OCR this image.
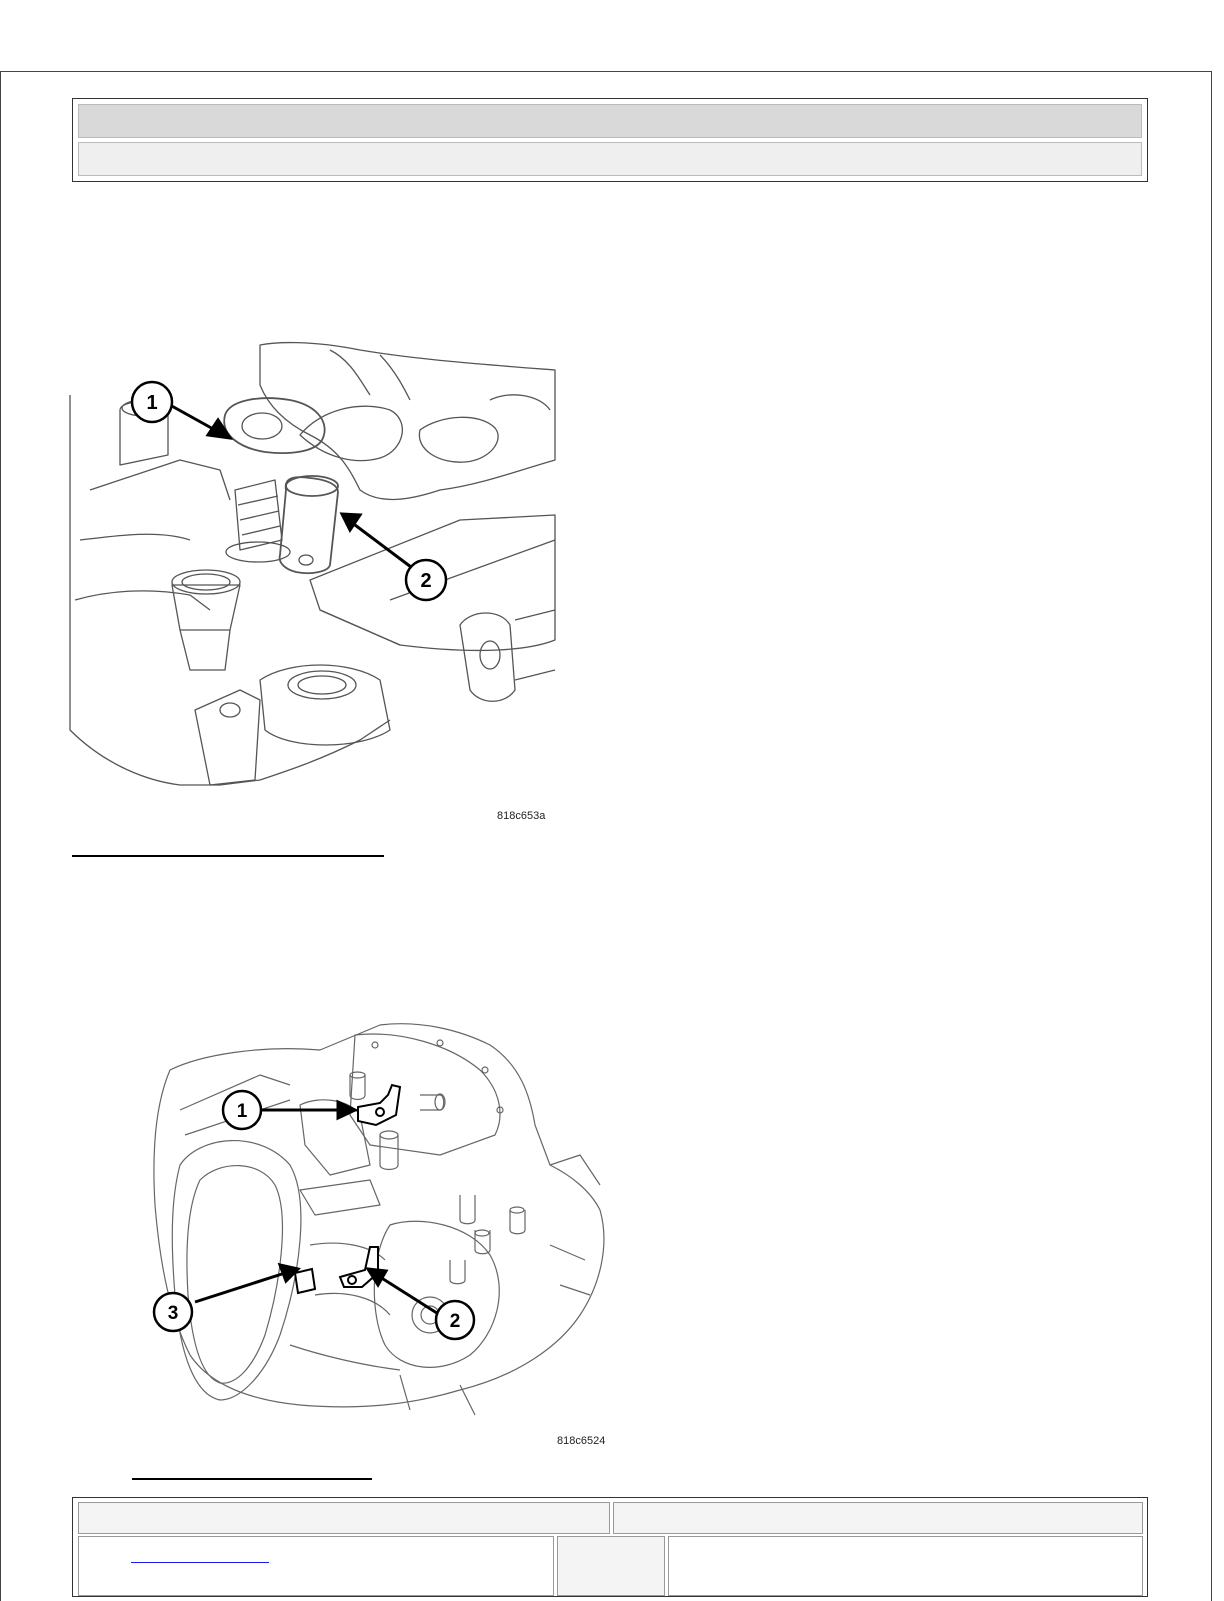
1
2
818c653a
1
2
3
818c6524
